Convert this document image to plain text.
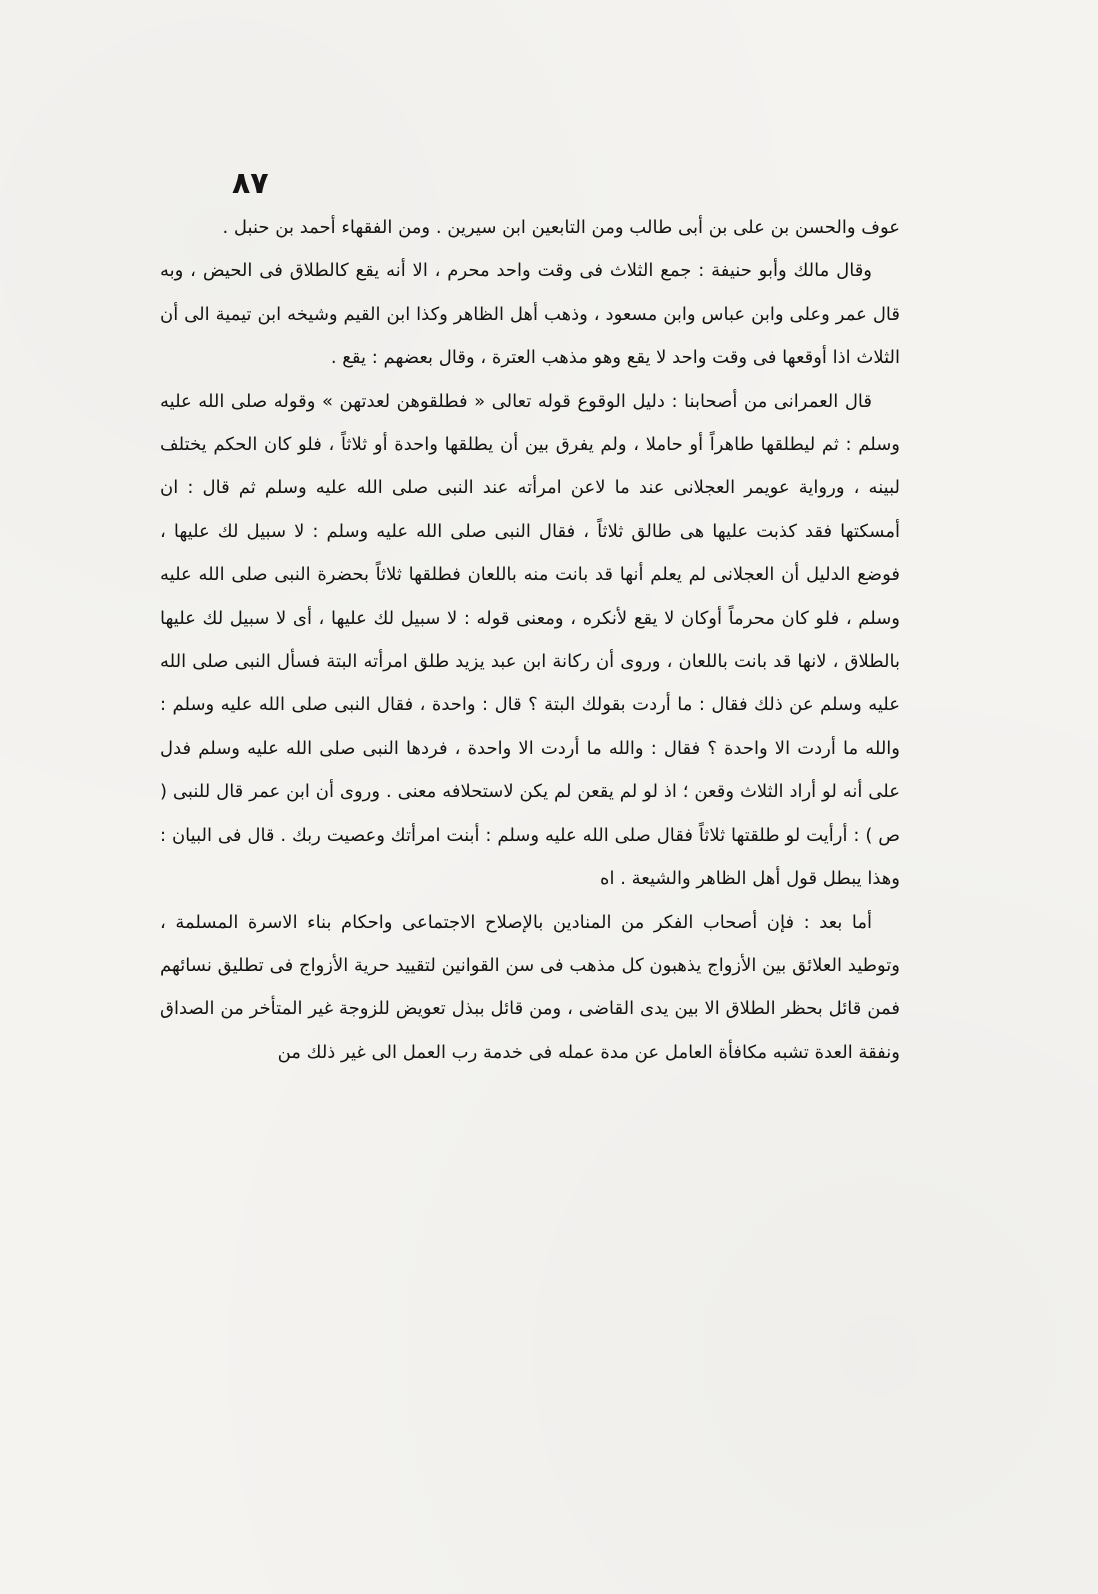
٨٧

عوف والحسن بن على بن أبى طالب ومن التابعين ابن سيرين . ومن الفقهاء أحمد بن حنبل .

وقال مالك وأبو حنيفة : جمع الثلاث فى وقت واحد محرم ، الا أنه يقع كالطلاق فى الحيض ، وبه قال عمر وعلى وابن عباس وابن مسعود ، وذهب أهل الظاهر وكذا ابن القيم وشيخه ابن تيمية الى أن الثلاث اذا أوقعها فى وقت واحد لا يقع وهو مذهب العترة ، وقال بعضهم : يقع .

قال العمرانى من أصحابنا : دليل الوقوع قوله تعالى « فطلقوهن لعدتهن » وقوله صلى الله عليه وسلم : ثم ليطلقها طاهراً أو حاملا ، ولم يفرق بين أن يطلقها واحدة أو ثلاثاً ، فلو كان الحكم يختلف لبينه ، ورواية عويمر العجلانى عند ما لاعن امرأته عند النبى صلى الله عليه وسلم ثم قال : ان أمسكتها فقد كذبت عليها هى طالق ثلاثاً ، فقال النبى صلى الله عليه وسلم : لا سبيل لك عليها ، فوضع الدليل أن العجلانى لم يعلم أنها قد بانت منه باللعان فطلقها ثلاثاً بحضرة النبى صلى الله عليه وسلم ، فلو كان محرماً أوكان لا يقع لأنكره ، ومعنى قوله : لا سبيل لك عليها ، أى لا سبيل لك عليها بالطلاق ، لانها قد بانت باللعان ، وروى أن ركانة ابن عبد يزيد طلق امرأته البتة فسأل النبى صلى الله عليه وسلم عن ذلك فقال : ما أردت بقولك البتة ؟ قال : واحدة ، فقال النبى صلى الله عليه وسلم : والله ما أردت الا واحدة ؟ فقال : والله ما أردت الا واحدة ، فردها النبى صلى الله عليه وسلم فدل على أنه لو أراد الثلاث وقعن ؛ اذ لو لم يقعن لم يكن لاستحلافه معنى . وروى أن ابن عمر قال للنبى ( ص ) : أرأيت لو طلقتها ثلاثاً فقال صلى الله عليه وسلم : أبنت امرأتك وعصيت ربك . قال فى البيان : وهذا يبطل قول أهل الظاهر والشيعة . اه

أما بعد : فإن أصحاب الفكر من المنادين بالإصلاح الاجتماعى واحكام بناء الاسرة المسلمة ، وتوطيد العلائق بين الأزواج يذهبون كل مذهب فى سن القوانين لتقييد حرية الأزواج فى تطليق نسائهم فمن قائل بحظر الطلاق الا بين يدى القاضى ، ومن قائل ببذل تعويض للزوجة غير المتأخر من الصداق ونفقة العدة تشبه مكافأة العامل عن مدة عمله فى خدمة رب العمل الى غير ذلك من
